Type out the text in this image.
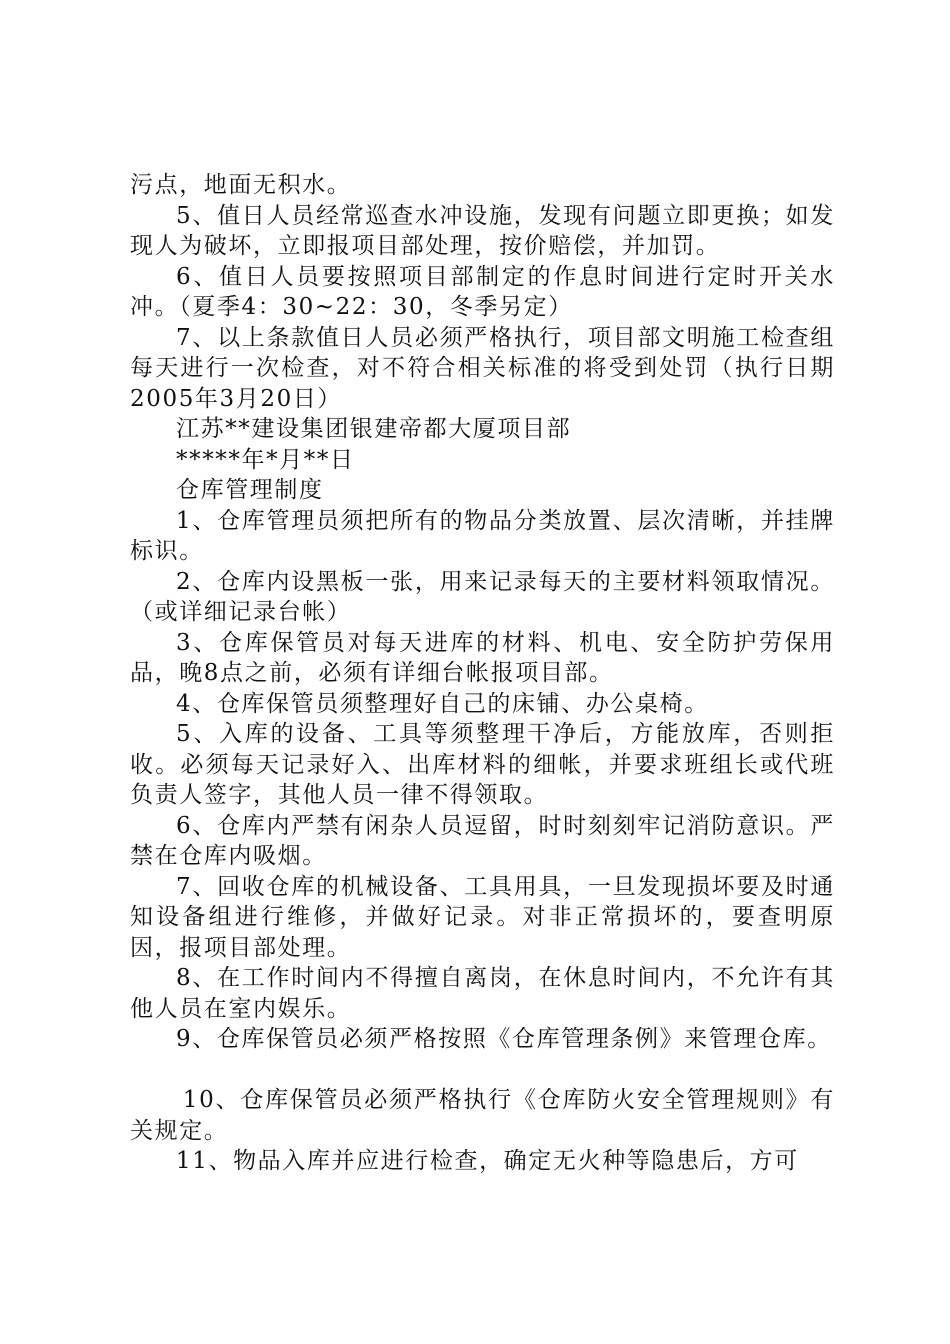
污点，地面无积水。

5、值日人员经常巡查水冲设施，发现有问题立即更换；如发现人为破坏，立即报项目部处理，按价赔偿，并加罚。

6、值日人员要按照项目部制定的作息时间进行定时开关水冲。（夏季4：30~22：30，冬季另定）

7、以上条款值日人员必须严格执行，项目部文明施工检查组每天进行一次检查，对不符合相关标准的将受到处罚（执行日期2005年3月20日）

江苏**建设集团银建帝都大厦项目部

*****年*月**日

仓库管理制度

1、仓库管理员须把所有的物品分类放置、层次清晰，并挂牌标识。

2、仓库内设黑板一张，用来记录每天的主要材料领取情况。（或详细记录台帐）

3、仓库保管员对每天进库的材料、机电、安全防护劳保用品，晚8点之前，必须有详细台帐报项目部。

4、仓库保管员须整理好自己的床铺、办公桌椅。

5、入库的设备、工具等须整理干净后，方能放库，否则拒收。必须每天记录好入、出库材料的细帐，并要求班组长或代班负责人签字，其他人员一律不得领取。

6、仓库内严禁有闲杂人员逗留，时时刻刻牢记消防意识。严禁在仓库内吸烟。

7、回收仓库的机械设备、工具用具，一旦发现损坏要及时通知设备组进行维修，并做好记录。对非正常损坏的，要查明原因，报项目部处理。

8、在工作时间内不得擅自离岗，在休息时间内，不允许有其他人员在室内娱乐。

9、仓库保管员必须严格按照《仓库管理条例》来管理仓库。

10、仓库保管员必须严格执行《仓库防火安全管理规则》有关规定。

11、物品入库并应进行检查，确定无火种等隐患后，方可
